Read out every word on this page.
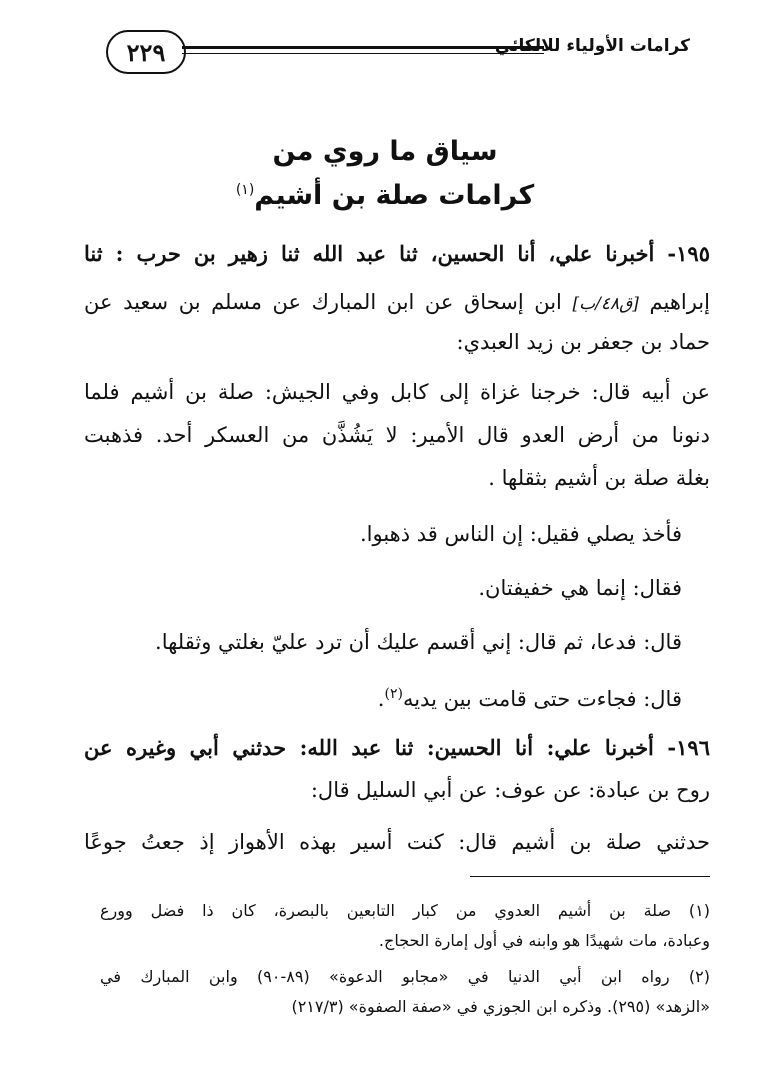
٢٢٩	كرامات الأولياء للالكائي
سياق ما روي من
كرامات صلة بن أشيم$^{(١)}$
١٩٥- أخبرنا علي، أنا الحسين، ثنا عبد الله ثنا زهير بن حرب : ثنا
إبراهيم [ق٤٨/ب] ابن إسحاق عن ابن المبارك عن مسلم بن سعيد عن
حماد بن جعفر بن زيد العبدي:
عن أبيه قال: خرجنا غزاة إلى كابل وفي الجيش: صلة بن أشيم فلما
دنونا من أرض العدو قال الأمير: لا يَشُذَّن من العسكر أحد. فذهبت
بغلة صلة بن أشيم بثقلها .
فأخذ يصلي فقيل: إن الناس قد ذهبوا.
فقال: إنما هي خفيفتان.
قال: فدعا، ثم قال: إني أقسم عليك أن ترد عليّ بغلتي وثقلها.
قال: فجاءت حتى قامت بين يديه$^{(٢)}$.
١٩٦- أخبرنا علي: أنا الحسين: ثنا عبد الله: حدثني أبي وغيره عن
روح بن عبادة: عن عوف: عن أبي السليل قال:
حدثني صلة بن أشيم قال: كنت أسير بهذه الأهواز إذ جعتُ جوعًا
(١) صلة بن أشيم العدوي من كبار التابعين بالبصرة، كان ذا فضل وورع
وعبادة، مات شهيدًا هو وابنه في أول إمارة الحجاج.
(٢) رواه ابن أبي الدنيا في «مجابو الدعوة» (٨٩-٩٠) وابن المبارك في
«الزهد» (٢٩٥). وذكره ابن الجوزي في «صفة الصفوة» (٢١٧/٣)
